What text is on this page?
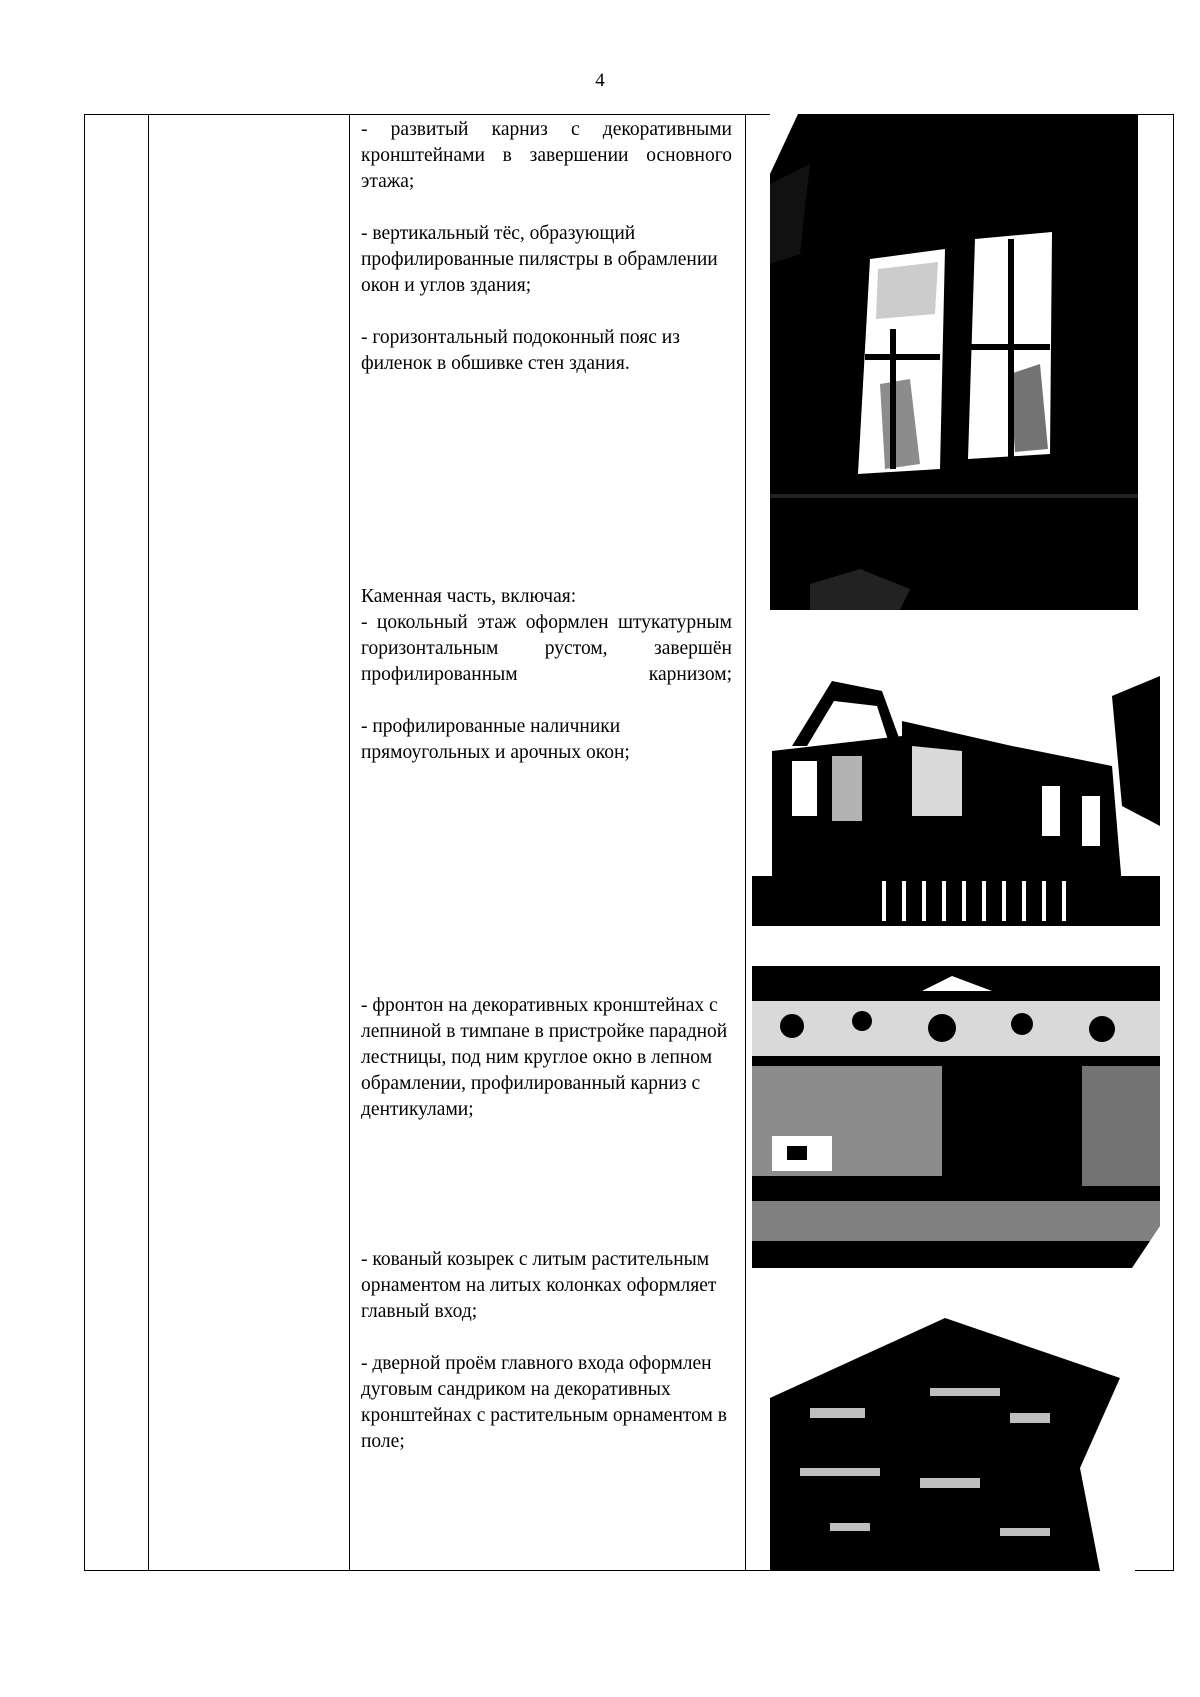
4

- развитый карниз с декоративными кронштейнами в завершении основного этажа;

- вертикальный тёс, образующий профилированные пилястры в обрамлении окон и углов здания;

- горизонтальный подоконный пояс из филенок в обшивке стен здания.

Каменная часть, включая:

- цокольный этаж оформлен штукатурным горизонтальным рустом, завершён профилированным карнизом;

- профилированные наличники прямоугольных и арочных окон;

- фронтон на декоративных кронштейнах с лепниной в тимпане в пристройке парадной лестницы, под ним круглое окно в лепном обрамлении, профилированный карниз с дентикулами;

- кованый козырек с литым растительным орнаментом на литых колонках оформляет главный вход;

- дверной проём главного входа оформлен дуговым сандриком на декоративных кронштейнах с растительным орнаментом в поле;
